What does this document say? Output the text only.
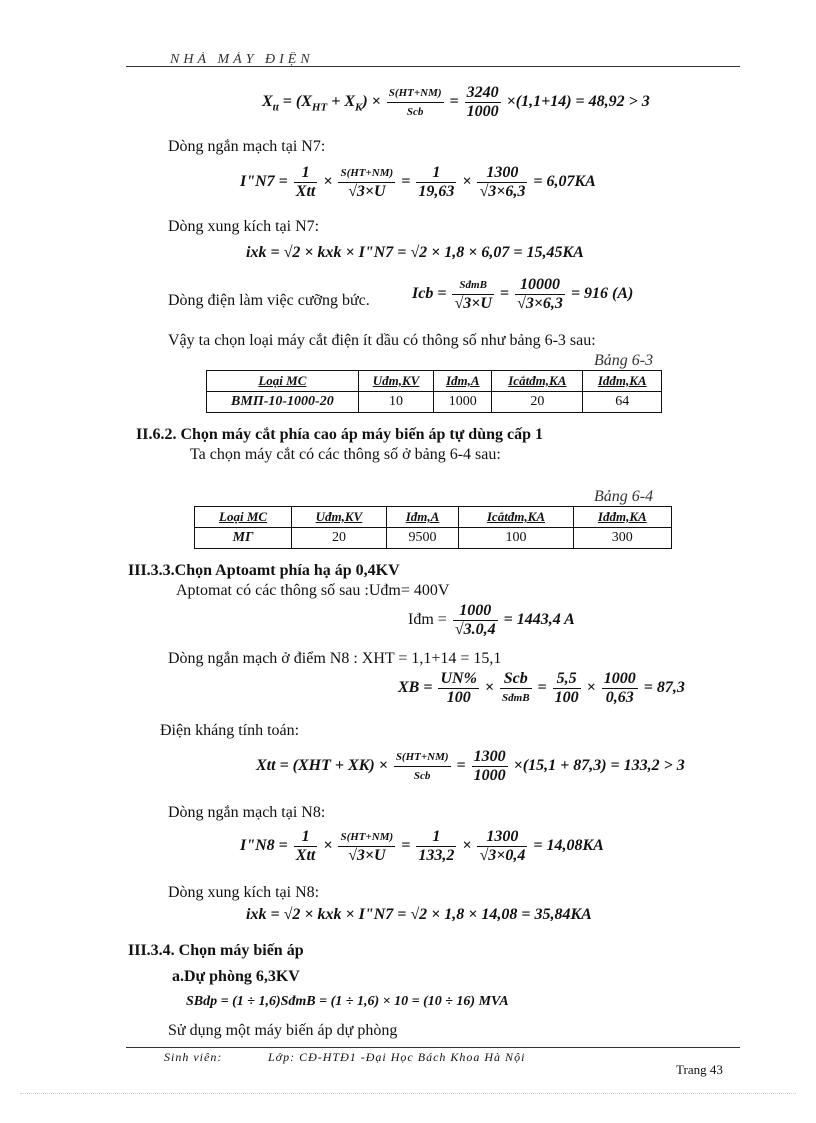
NHÀ MÁY ĐIỆN
$X_{tt} = (X_{HT} + X_K) \times \frac{S(HT+NM)}{\text{Scb}} = \frac{3240}{1000} \times(1,1+14) = 48,92 > 3$
Dòng ngắn mạch tại N7:
I"N7 = $\frac{1}{\text{Xtt}} \times \frac{S(HT+NM)}{√3\times U} = \frac{1}{19,63} \times \frac{1300}{√3\times 6,3} = 6,07KA$
Dòng xung kích tại N7:
ixk = √2 × kxk × I"N7 = √2 × 1,8 × 6,07 = 15,45KA
Dòng điện làm việc cưỡng bức.	Icb = $\frac{\text{SđmB}}{√3\times U} = \frac{10000}{√3\times 6,3} = 916$ (A)
Vậy ta chọn loại máy cắt điện ít dầu có thông số như bảng 6-3 sau:
Bảng 6-3
Loại MC	Uđm,KV	Iđm,A	Icắtđm,KA	Iđđm,KA
BMП-10-1000-20	10	1000	20	64
II.6.2. Chọn máy cắt phía cao áp máy biến áp tự dùng cấp 1
Ta chọn máy cắt có các thông số ở bảng 6-4 sau:
Bảng 6-4
Loại MC	Uđm,KV	Iđm,A	Icắtđm,KA	Iđđm,KA
MГ	20	9500	100	300
III.3.3.Chọn Aptoamt phía hạ áp 0,4KV
Aptomat có các thông số sau :Uđm= 400V
Iđm = $\frac{1000}{√3.0,4} = 1443,4$ A
Dòng ngắn mạch ở điểm N8 : XHT = 1,1+14 = 15,1
XB = $\frac{UN\%}{100} \times \frac{\text{Scb}}{\text{SđmB}} = \frac{5,5}{100} \times \frac{1000}{0,63} = 87,3$
Điện kháng tính toán:
Xtt = $(XHT + XK) \times \frac{S(HT+NM)}{\text{Scb}} = \frac{1300}{1000} \times(15,1 + 87,3) = 133,2 > 3$
Dòng ngắn mạch tại N8:
I"N8 = $\frac{1}{\text{Xtt}} \times \frac{S(HT+NM)}{√3\times U} = \frac{1}{133,2} \times \frac{1300}{√3\times 0,4} = 14,08KA$
Dòng xung kích tại N8:
ixk = √2 × kxk × I"N7 = √2 × 1,8 × 14,08 = 35,84KA
III.3.4. Chọn máy biến áp
a.Dự phòng 6,3KV
SBdp = (1 ÷ 1,6)SđmB = (1 ÷ 1,6) × 10 = (10 ÷ 16) MVA
Sử dụng một máy biến áp dự phòng
Sinh viên:	Lớp: CĐ-HTĐ1 -Đại Học Bách Khoa Hà Nội
Trang 43
